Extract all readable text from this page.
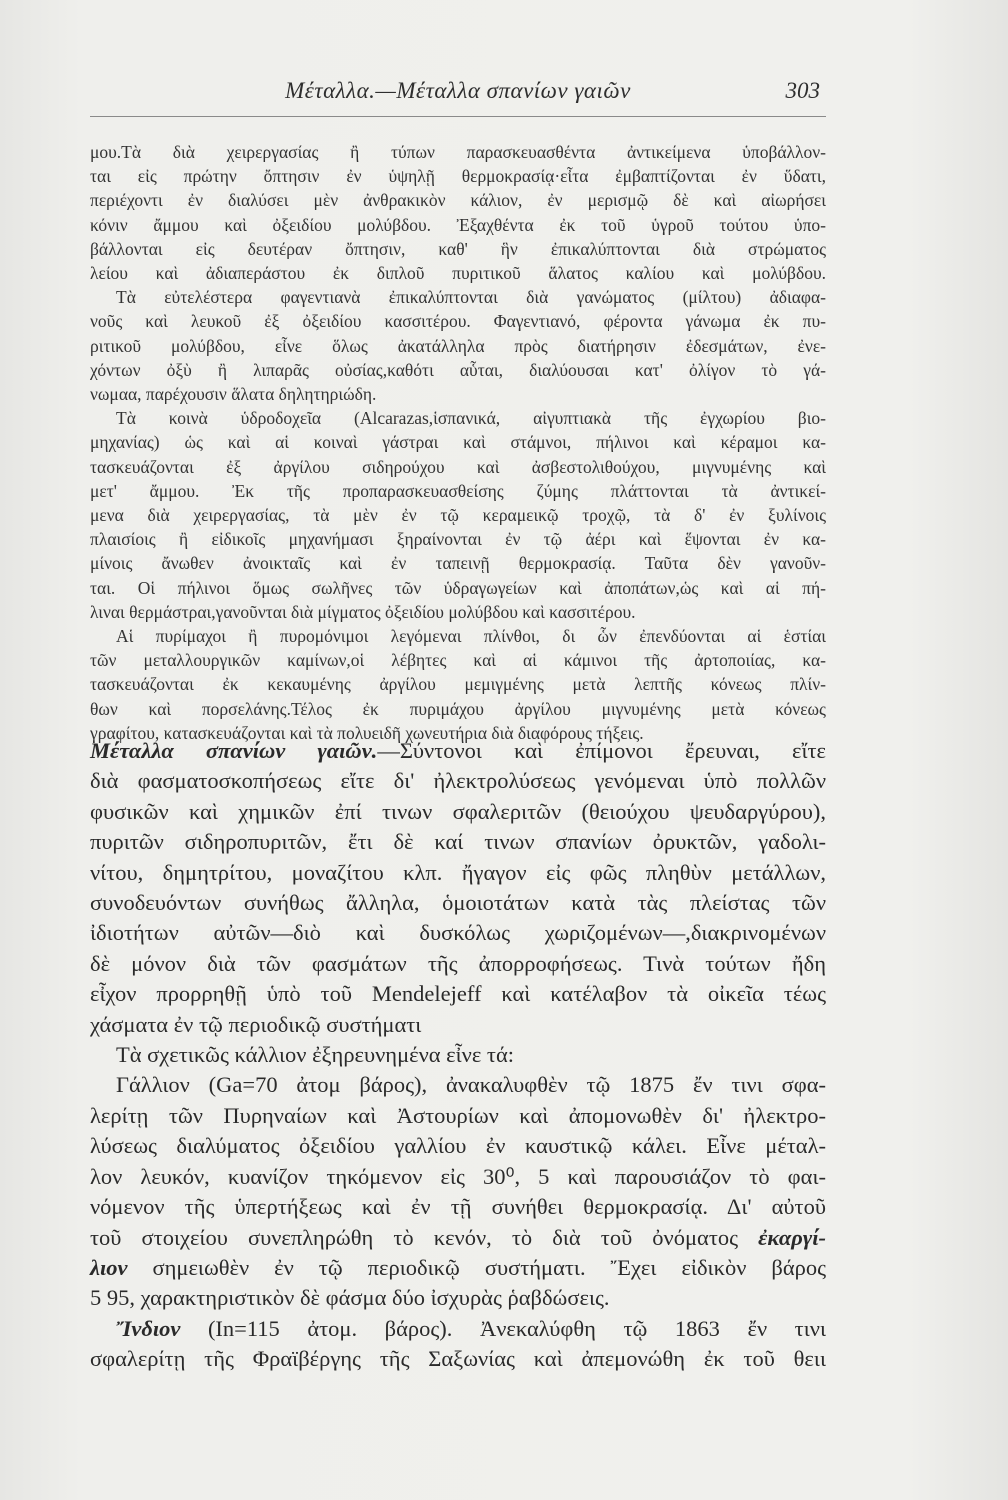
Μέταλλα.—Μέταλλα σπανίων γαιῶν	303

μου.Τὰ διὰ χειρεργασίας ἢ τύπων παρασκευασθέντα ἀντικείμενα ὑποβάλλον-

ται εἰς πρώτην ὄπτησιν ἐν ὑψηλῇ θερμοκρασίᾳ·εἶτα ἐμβαπτίζονται ἐν ὕδατι,

περιέχοντι ἐν διαλύσει μὲν ἀνθρακικὸν κάλιον, ἐν μερισμῷ δὲ καὶ αἰωρήσει

κόνιν ἄμμου καὶ ὀξειδίου μολύβδου. Ἐξαχθέντα ἐκ τοῦ ὑγροῦ τούτου ὑπο-

βάλλονται εἰς δευτέραν ὄπτησιν, καθ' ἣν ἐπικαλύπτονται διὰ στρώματος

λείου καὶ ἀδιαπεράστου ἐκ διπλοῦ πυριτικοῦ ἅλατος καλίου καὶ μολύβδου.

Τὰ εὐτελέστερα φαγεντιανὰ ἐπικαλύπτονται διὰ γανώματος (μίλτου) ἀδιαφα-

νοῦς καὶ λευκοῦ ἐξ ὀξειδίου κασσιτέρου. Φαγεντιανό, φέροντα γάνωμα ἐκ πυ-

ριτικοῦ μολύβδου, εἶνε ὅλως ἀκατάλληλα πρὸς διατήρησιν ἐδεσμάτων, ἐνε-

χόντων ὀξὺ ἢ λιπαρᾶς οὐσίας,καθότι αὗται, διαλύουσαι κατ' ὀλίγον τὸ γά-

νωμαα, παρέχουσιν ἅλατα δηλητηριώδη.

Τὰ κοινὰ ὑδροδοχεῖα (Alcarazas,ἱσπανικά, αἰγυπτιακὰ τῆς ἐγχωρίου βιο-

μηχανίας) ὡς καὶ αἱ κοιναὶ γάστραι καὶ στάμνοι, πήλινοι καὶ κέραμοι κα-

τασκευάζονται ἐξ ἀργίλου σιδηρούχου καὶ ἀσβεστολιθούχου, μιγνυμένης καὶ

μετ' ἄμμου. Ἐκ τῆς προπαρασκευασθείσης ζύμης πλάττονται τὰ ἀντικεί-

μενα διὰ χειρεργασίας, τὰ μὲν ἐν τῷ κεραμεικῷ τροχῷ, τὰ δ' ἐν ξυλίνοις

πλαισίοις ἢ εἰδικοῖς μηχανήμασι ξηραίνονται ἐν τῷ ἀέρι καὶ ἕψονται ἐν κα-

μίνοις ἄνωθεν ἀνοικταῖς καὶ ἐν ταπεινῇ θερμοκρασίᾳ. Ταῦτα δὲν γανοῦν-

ται. Οἱ πήλινοι ὅμως σωλῆνες τῶν ὑδραγωγείων καὶ ἀποπάτων,ὡς καὶ αἱ πή-

λιναι θερμάστραι,γανοῦνται διὰ μίγματος ὀξειδίου μολύβδου καὶ κασσιτέρου.

Αἱ πυρίμαχοι ἢ πυρομόνιμοι λεγόμεναι πλίνθοι, δι ὧν ἐπενδύονται αἱ ἑστίαι

τῶν μεταλλουργικῶν καμίνων,οἱ λέβητες καὶ αἱ κάμινοι τῆς ἀρτοποιίας, κα-

τασκευάζονται ἐκ κεκαυμένης ἀργίλου μεμιγμένης μετὰ λεπτῆς κόνεως πλίν-

θων καὶ πορσελάνης.Τέλος ἐκ πυριμάχου ἀργίλου μιγνυμένης μετὰ κόνεως

γραφίτου, κατασκευάζονται καὶ τὰ πολυειδῆ χωνευτήρια διὰ διαφόρους τήξεις.

Μέταλλα σπανίων γαιῶν.—Σύντονοι καὶ ἐπίμονοι ἔρευναι, εἴτε

διὰ φασματοσκοπήσεως εἴτε δι' ἠλεκτρολύσεως γενόμεναι ὑπὸ πολλῶν

φυσικῶν καὶ χημικῶν ἐπί τινων σφαλεριτῶν (θειούχου ψευδαργύρου),

πυριτῶν σιδηροπυριτῶν, ἔτι δὲ καί τινων σπανίων ὀρυκτῶν, γαδολι-

νίτου, δημητρίτου, μοναζίτου κλπ. ἤγαγον εἰς φῶς πληθὺν μετάλλων,

συνοδευόντων συνήθως ἄλληλα, ὁμοιοτάτων κατὰ τὰς πλείστας τῶν

ἰδιοτήτων αὐτῶν—διὸ καὶ δυσκόλως χωριζομένων—,διακρινομένων

δὲ μόνον διὰ τῶν φασμάτων τῆς ἀπορροφήσεως. Τινὰ τούτων ἤδη

εἶχον προρρηθῇ ὑπὸ τοῦ Mendelejeff καὶ κατέλαβον τὰ οἰκεῖα τέως

χάσματα ἐν τῷ περιοδικῷ συστήματι

Τὰ σχετικῶς κάλλιον ἐξηρευνημένα εἶνε τά:

Γάλλιον (Ga=70 ἀτομ βάρος), ἀνακαλυφθὲν τῷ 1875 ἔν τινι σφα-

λερίτῃ τῶν Πυρηναίων καὶ Ἀστουρίων καὶ ἀπομονωθὲν δι' ἠλεκτρο-

λύσεως διαλύματος ὀξειδίου γαλλίου ἐν καυστικῷ κάλει. Εἶνε μέταλ-

λον λευκόν, κυανίζον τηκόμενον εἰς 30⁰, 5 καὶ παρουσιάζον τὸ φαι-

νόμενον τῆς ὑπερτήξεως καὶ ἐν τῇ συνήθει θερμοκρασίᾳ. Δι' αὐτοῦ

τοῦ στοιχείου συνεπληρώθη τὸ κενόν, τὸ διὰ τοῦ ὀνόματος ἐκαργί-

λιον σημειωθὲν ἐν τῷ περιοδικῷ συστήματι. Ἔχει εἰδικὸν βάρος

5 95, χαρακτηριστικὸν δὲ φάσμα δύο ἰσχυρὰς ῥαβδώσεις.

Ἴνδιον (In=115 ἀτομ. βάρος). Ἀνεκαλύφθη τῷ 1863 ἔν τινι

σφαλερίτῃ τῆς Φραϊβέργης τῆς Σαξωνίας καὶ ἀπεμονώθη ἐκ τοῦ θειι
